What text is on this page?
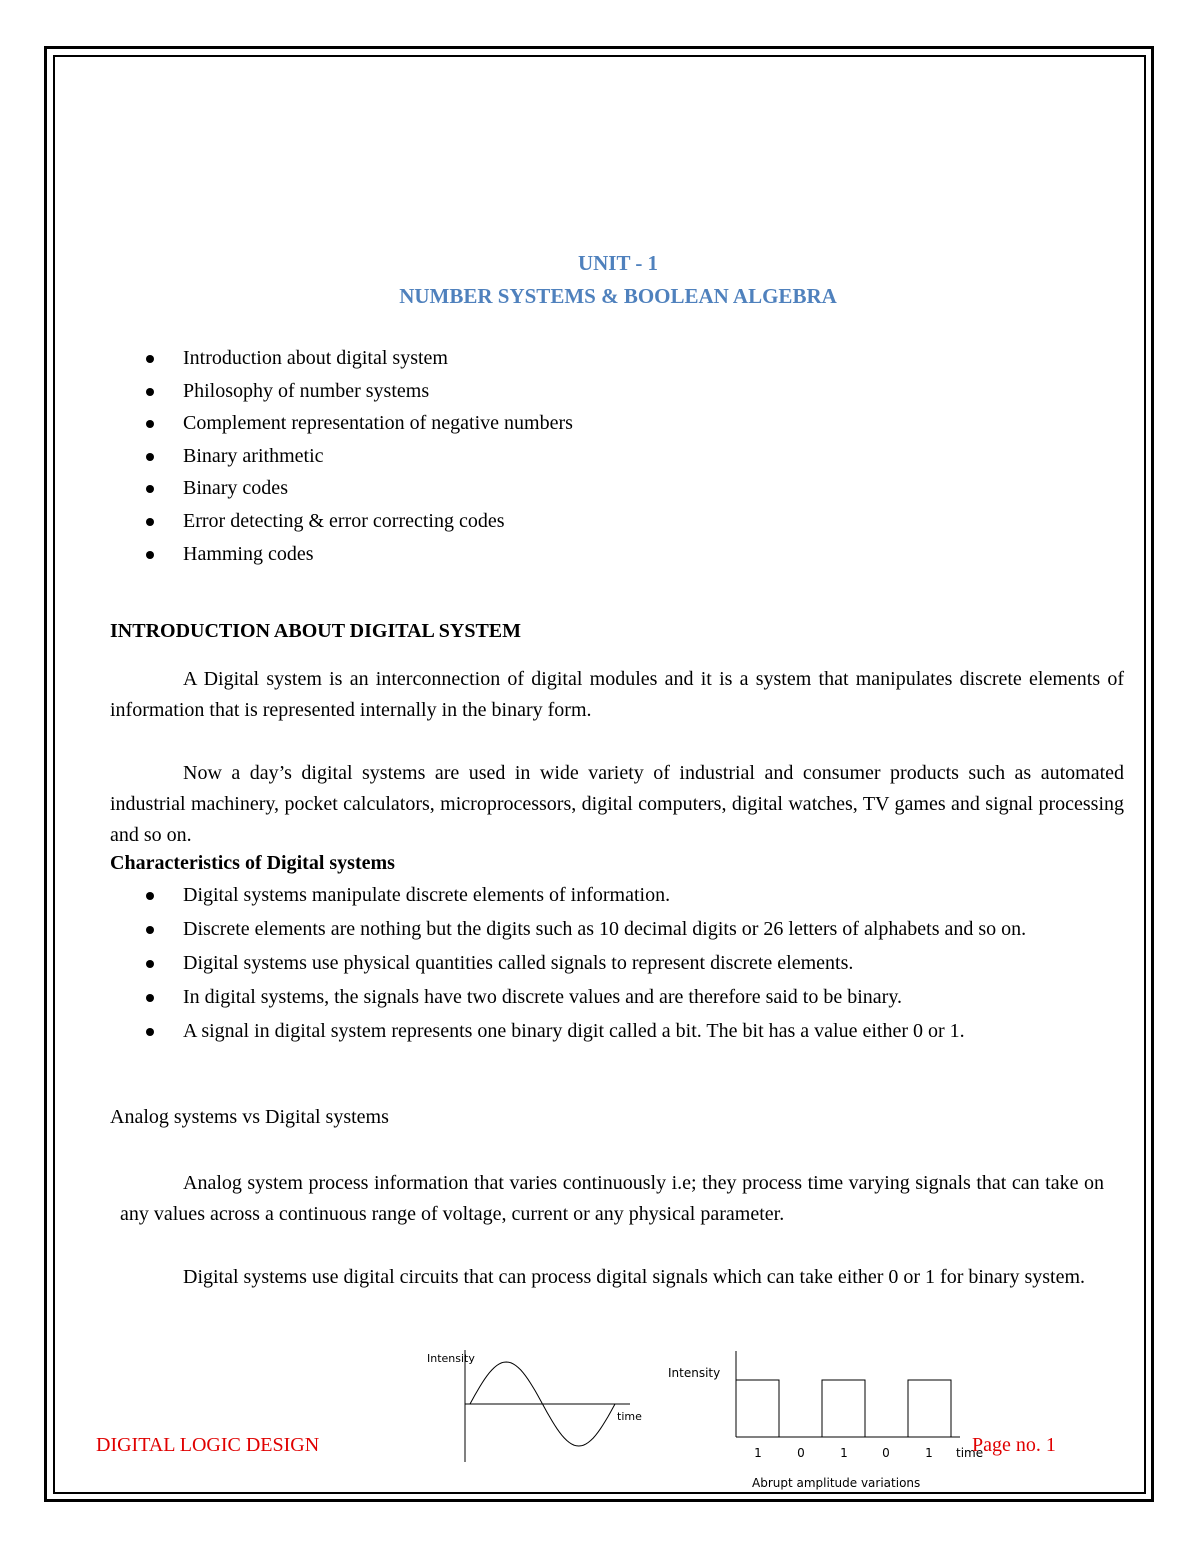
UNIT - 1
NUMBER SYSTEMS & BOOLEAN ALGEBRA
Introduction about digital system
Philosophy of number systems
Complement representation of negative numbers
Binary arithmetic
Binary codes
Error detecting & error correcting codes
Hamming codes
INTRODUCTION ABOUT DIGITAL SYSTEM
A Digital system is an interconnection of digital modules and it is a system that manipulates discrete elements of information that is represented internally in the binary form.
Now a day’s digital systems are used in wide variety of industrial and consumer products such as automated industrial machinery, pocket calculators, microprocessors, digital computers, digital watches, TV games and signal processing and so on.
Characteristics of Digital systems
Digital systems manipulate discrete elements of information.
Discrete elements are nothing but the digits such as 10 decimal digits or 26 letters of alphabets and so on.
Digital systems use physical quantities called signals to represent discrete elements.
In digital systems, the signals have two discrete values and are therefore said to be binary.
A signal in digital system represents one binary digit called a bit. The bit has a value either 0 or 1.
Analog systems vs Digital systems
Analog system process information that varies continuously i.e; they process time varying signals that can take on any values across a continuous range of voltage, current or any physical parameter.
Digital systems use digital circuits that can process digital signals which can take either 0 or 1 for binary system.
Intensity
time
Intensity
1	0	1	0	1 time
Abrupt amplitude variations
DIGITAL LOGIC DESIGN	Page no. 1
